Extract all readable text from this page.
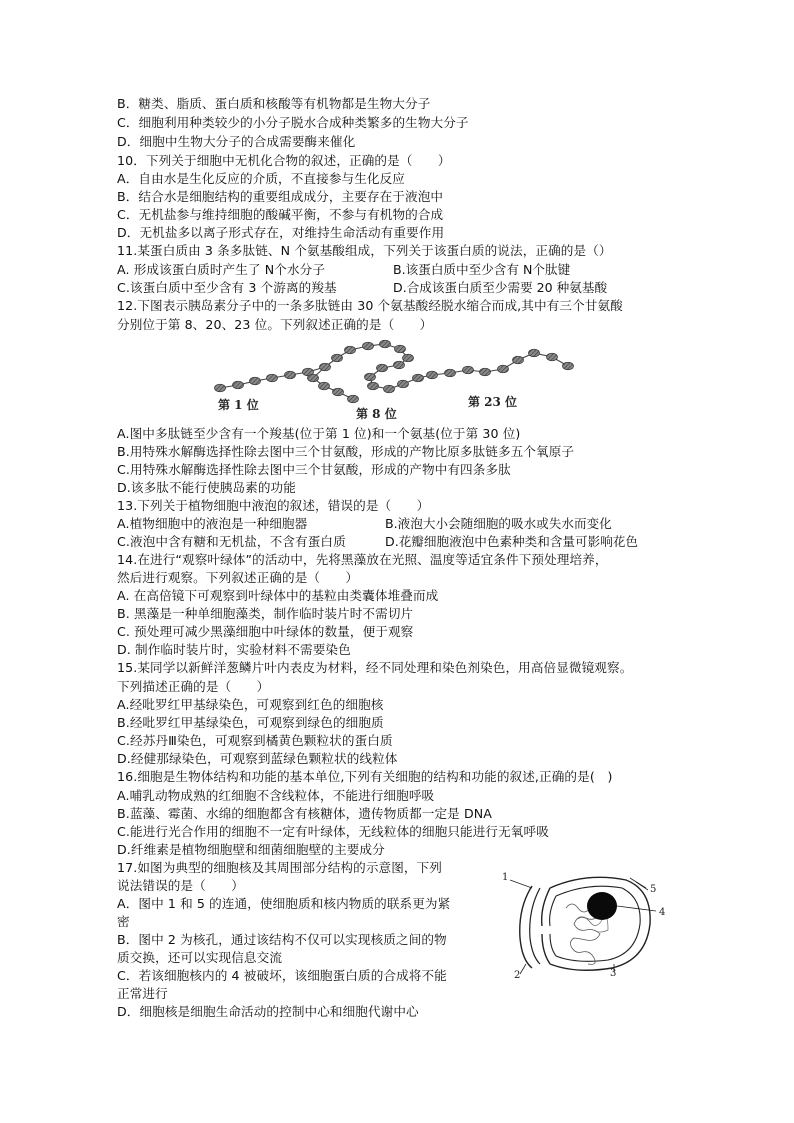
B．糖类、脂质、蛋白质和核酸等有机物都是生物大分子
C．细胞利用种类较少的小分子脱水合成种类繁多的生物大分子
D．细胞中生物大分子的合成需要酶来催化
10．下列关于细胞中无机化合物的叙述，正确的是（　　）
A．自由水是生化反应的介质，不直接参与生化反应
B．结合水是细胞结构的重要组成成分，主要存在于液泡中
C．无机盐参与维持细胞的酸碱平衡，不参与有机物的合成
D．无机盐多以离子形式存在，对维持生命活动有重要作用
11.某蛋白质由 3 条多肽链、N 个氨基酸组成，下列关于该蛋白质的说法，正确的是（）
A. 形成该蛋白质时产生了 N个水分子	B.该蛋白质中至少含有 N个肽键
C.该蛋白质中至少含有 3 个游离的羧基	D.合成该蛋白质至少需要 20 种氨基酸
12.下图表示胰岛素分子中的一条多肽链由 30 个氨基酸经脱水缩合而成,其中有三个甘氨酸
分别位于第 8、20、23 位。下列叙述正确的是（　　）
第 1 位
第 8 位
第 23 位
A.图中多肽链至少含有一个羧基(位于第 1 位)和一个氨基(位于第 30 位)
B.用特殊水解酶选择性除去图中三个甘氨酸，形成的产物比原多肽链多五个氧原子
C.用特殊水解酶选择性除去图中三个甘氨酸，形成的产物中有四条多肽
D.该多肽不能行使胰岛素的功能
13.下列关于植物细胞中液泡的叙述，错误的是（　　）
A.植物细胞中的液泡是一种细胞器	B.液泡大小会随细胞的吸水或失水而变化
C.液泡中含有糖和无机盐，不含有蛋白质	D.花瓣细胞液泡中色素种类和含量可影响花色
14.在进行“观察叶绿体”的活动中，先将黑藻放在光照、温度等适宜条件下预处理培养，
然后进行观察。下列叙述正确的是（　　）
A. 在高倍镜下可观察到叶绿体中的基粒由类囊体堆叠而成
B. 黑藻是一种单细胞藻类，制作临时装片时不需切片
C. 预处理可减少黑藻细胞中叶绿体的数量，便于观察
D. 制作临时装片时，实验材料不需要染色
15.某同学以新鲜洋葱鳞片叶内表皮为材料，经不同处理和染色剂染色，用高倍显微镜观察。
下列描述正确的是（　　）
A.经吡罗红甲基绿染色，可观察到红色的细胞核
B.经吡罗红甲基绿染色，可观察到绿色的细胞质
C.经苏丹Ⅲ染色，可观察到橘黄色颗粒状的蛋白质
D.经健那绿染色，可观察到蓝绿色颗粒状的线粒体
16.细胞是生物体结构和功能的基本单位,下列有关细胞的结构和功能的叙述,正确的是(　)
A.哺乳动物成熟的红细胞不含线粒体，不能进行细胞呼吸
B.蓝藻、霉菌、水绵的细胞都含有核糖体，遗传物质都一定是 DNA
C.能进行光合作用的细胞不一定有叶绿体，无线粒体的细胞只能进行无氧呼吸
D.纤维素是植物细胞壁和细菌细胞壁的主要成分
17.如图为典型的细胞核及其周围部分结构的示意图，下列
说法错误的是（　　）
A．图中 1 和 5 的连通，使细胞质和核内物质的联系更为紧
密
B．图中 2 为核孔，通过该结构不仅可以实现核质之间的物
质交换，还可以实现信息交流
C．若该细胞核内的 4 被破坏，该细胞蛋白质的合成将不能
正常进行
D．细胞核是细胞生命活动的控制中心和细胞代谢中心
1
2	3
4
5
